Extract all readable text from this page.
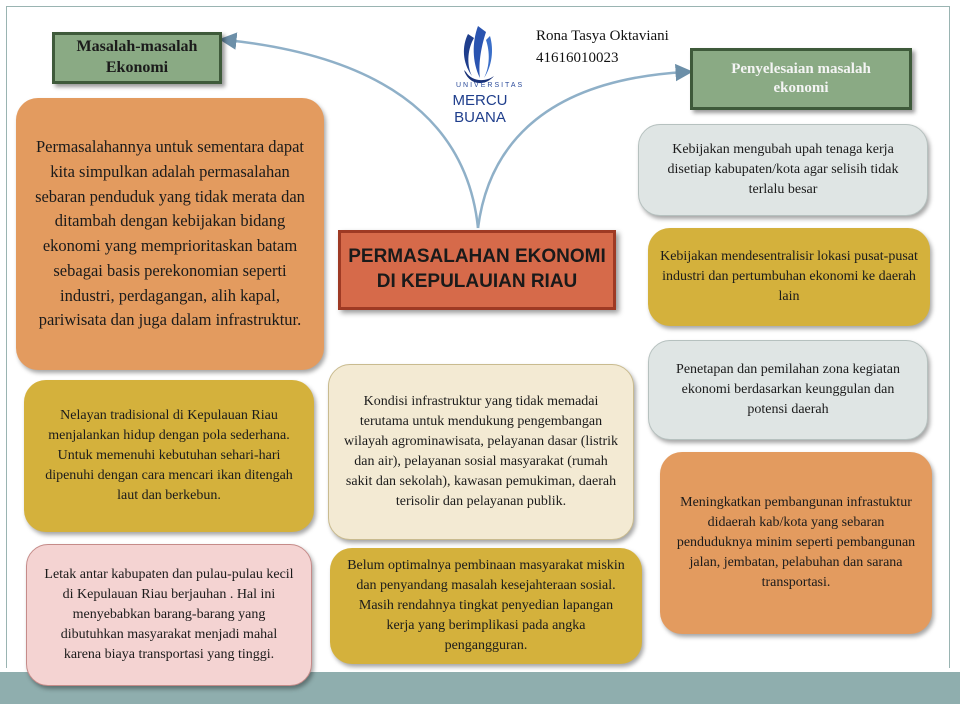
UNIVERSITAS
MERCU BUANA
Rona Tasya Oktaviani
41616010023
Masalah-masalah
Ekonomi	Penyelesaian masalah
ekonomi
PERMASALAHAN EKONOMI
DI KEPULAUIAN RIAU
Permasalahannya untuk sementara dapat kita simpulkan adalah permasalahan sebaran penduduk yang tidak merata dan ditambah dengan kebijakan bidang ekonomi yang memprioritaskan batam sebagai basis perekonomian seperti industri, perdagangan, alih kapal, pariwisata dan juga dalam infrastruktur.
Nelayan tradisional di Kepulauan Riau menjalankan hidup dengan pola sederhana. Untuk memenuhi kebutuhan sehari-hari dipenuhi dengan cara mencari ikan ditengah laut dan berkebun.
Letak antar kabupaten dan pulau-pulau kecil di Kepulauan Riau berjauhan . Hal ini menyebabkan barang-barang yang dibutuhkan masyarakat menjadi mahal karena biaya transportasi yang tinggi.
Kondisi infrastruktur yang tidak memadai terutama untuk mendukung pengembangan wilayah agrominawisata, pelayanan dasar (listrik dan air), pelayanan sosial masyarakat (rumah sakit dan sekolah), kawasan pemukiman, daerah terisolir dan pelayanan publik.
Belum optimalnya pembinaan masyarakat miskin dan penyandang masalah kesejahteraan sosial. Masih rendahnya tingkat penyedian lapangan kerja yang berimplikasi pada angka pengangguran.
Kebijakan mengubah upah tenaga kerja disetiap kabupaten/kota agar selisih tidak terlalu besar
Kebijakan mendesentralisir lokasi pusat-pusat industri dan pertumbuhan ekonomi ke daerah lain
Penetapan dan pemilahan zona kegiatan ekonomi berdasarkan keunggulan dan potensi daerah
Meningkatkan pembangunan infrastuktur didaerah kab/kota yang sebaran penduduknya minim seperti pembangunan jalan, jembatan, pelabuhan dan sarana transportasi.
